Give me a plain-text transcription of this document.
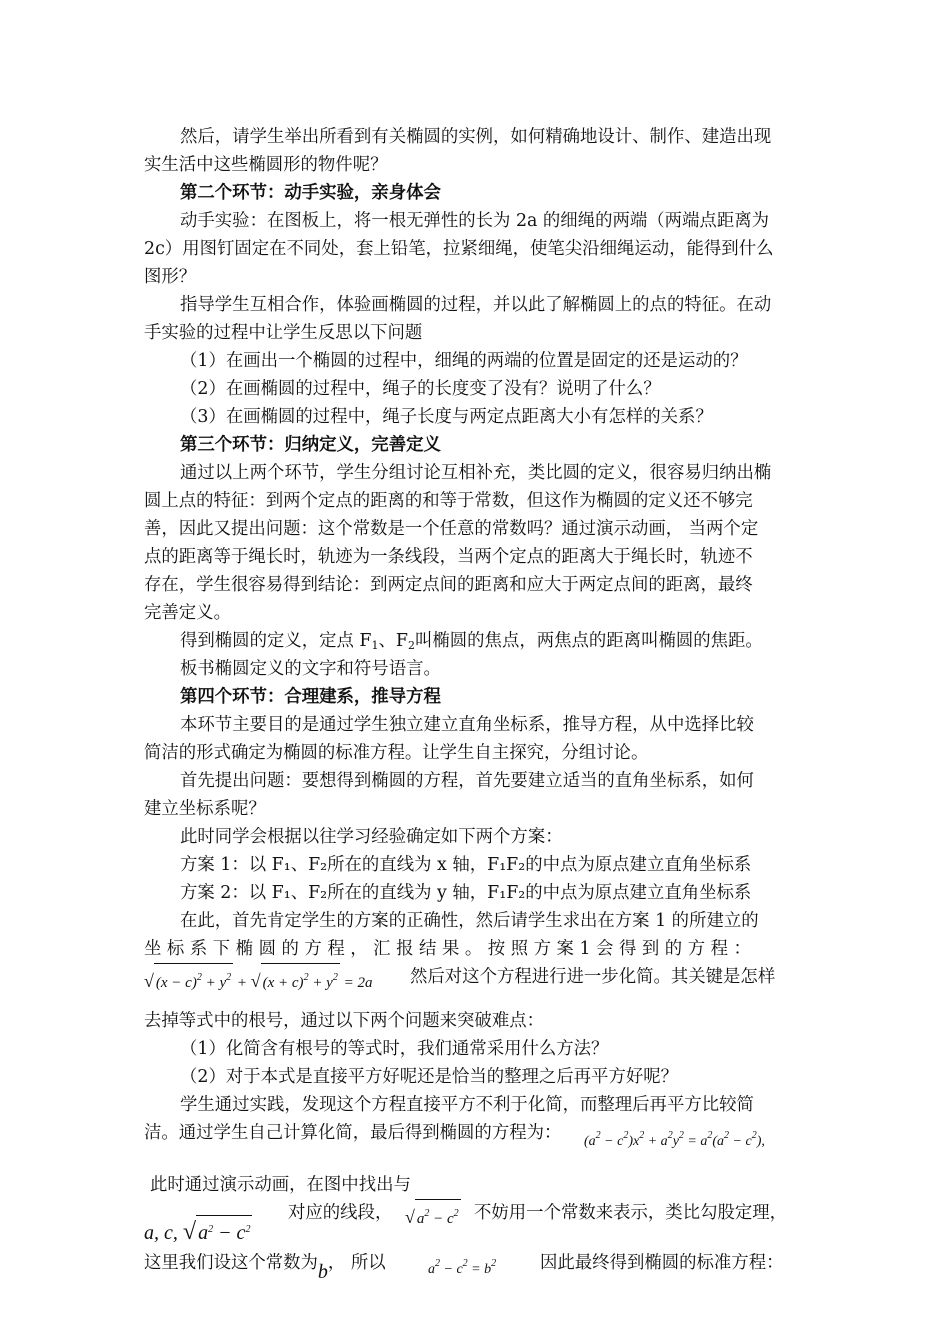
然后，请学生举出所看到有关椭圆的实例，如何精确地设计、制作、建造出现
实生活中这些椭圆形的物件呢？
第二个环节：动手实验，亲身体会
动手实验：在图板上，将一根无弹性的长为 2a 的细绳的两端（两端点距离为
2c）用图钉固定在不同处，套上铅笔，拉紧细绳，使笔尖沿细绳运动，能得到什么
图形？
指导学生互相合作，体验画椭圆的过程，并以此了解椭圆上的点的特征。在动
手实验的过程中让学生反思以下问题
（1）在画出一个椭圆的过程中，细绳的两端的位置是固定的还是运动的？
（2）在画椭圆的过程中，绳子的长度变了没有？说明了什么？
（3）在画椭圆的过程中，绳子长度与两定点距离大小有怎样的关系？
第三个环节：归纳定义，完善定义
通过以上两个环节，学生分组讨论互相补充，类比圆的定义，很容易归纳出椭
圆上点的特征：到两个定点的距离的和等于常数，但这作为椭圆的定义还不够完
善，因此又提出问题：这个常数是一个任意的常数吗？通过演示动画， 当两个定
点的距离等于绳长时，轨迹为一条线段，当两个定点的距离大于绳长时，轨迹不
存在，学生很容易得到结论：到两定点间的距离和应大于两定点间的距离，最终
完善定义。
得到椭圆的定义，定点 $F_1$、$F_2$叫椭圆的焦点，两焦点的距离叫椭圆的焦距。
板书椭圆定义的文字和符号语言。
第四个环节：合理建系，推导方程
本环节主要目的是通过学生独立建立直角坐标系，推导方程，从中选择比较
简洁的形式确定为椭圆的标准方程。让学生自主探究，分组讨论。
首先提出问题：要想得到椭圆的方程，首先要建立适当的直角坐标系，如何
建立坐标系呢？
此时同学会根据以往学习经验确定如下两个方案：
方案 1：以 F₁、F₂所在的直线为 x 轴，F₁F₂的中点为原点建立直角坐标系
方案 2：以 F₁、F₂所在的直线为 y 轴，F₁F₂的中点为原点建立直角坐标系
在此，首先肯定学生的方案的正确性，然后请学生求出在方案 1 的所建立的
坐 标 系 下 椭 圆 的 方 程 ， 汇 报 结 果 。 按 照 方 案 1 会 得 到 的 方 程 ：
√ $(x - c)^2 + y^2$ + √ $(x + c)^2 + y^2 = 2a$ 然后对这个方程进行进一步化简。其关键是怎样
去掉等式中的根号，通过以下两个问题来突破难点：
（1）化简含有根号的等式时，我们通常采用什么方法？
（2）对于本式是直接平方好呢还是恰当的整理之后再平方好呢？
学生通过实践，发现这个方程直接平方不利于化简，而整理后再平方比较简
洁。通过学生自己计算化简，最后得到椭圆的方程为： $(a^2 - c^2)x^2 + a^2y^2 = a^2(a^2 - c^2)$,
此时通过演示动画，在图中找出与
a, c, √ $a^2 - c^2$
对应的线段， √ $a^2 - c^2$ 不妨用一个常数来表示，类比勾股定理，
这里我们设这个常数为b， 所以	$a^2 - c^2 = b^2$	因此最终得到椭圆的标准方程：
